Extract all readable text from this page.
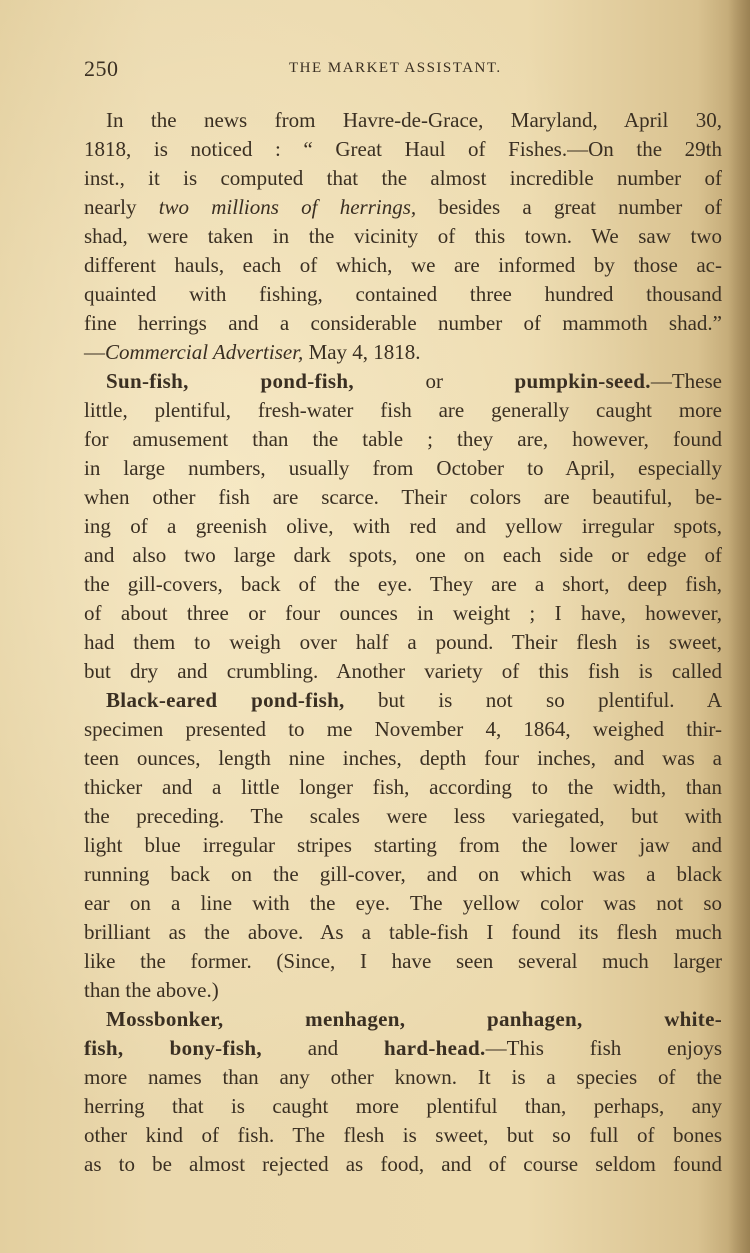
250	THE MARKET ASSISTANT.
In the news from Havre-de-Grace, Maryland, April 30,
1818, is noticed : “ Great Haul of Fishes.—On the 29th
inst., it is computed that the almost incredible number of
nearly two millions of herrings, besides a great number of
shad, were taken in the vicinity of this town. We saw two
different hauls, each of which, we are informed by those ac-
quainted with fishing, contained three hundred thousand
fine herrings and a considerable number of mammoth shad.”
—Commercial Advertiser, May 4, 1818.
Sun-fish, pond-fish, or pumpkin-seed.—These
little, plentiful, fresh-water fish are generally caught more
for amusement than the table ; they are, however, found
in large numbers, usually from October to April, especially
when other fish are scarce. Their colors are beautiful, be-
ing of a greenish olive, with red and yellow irregular spots,
and also two large dark spots, one on each side or edge of
the gill-covers, back of the eye. They are a short, deep fish,
of about three or four ounces in weight ; I have, however,
had them to weigh over half a pound. Their flesh is sweet,
but dry and crumbling. Another variety of this fish is called
Black-eared pond-fish, but is not so plentiful. A
specimen presented to me November 4, 1864, weighed thir-
teen ounces, length nine inches, depth four inches, and was a
thicker and a little longer fish, according to the width, than
the preceding. The scales were less variegated, but with
light blue irregular stripes starting from the lower jaw and
running back on the gill-cover, and on which was a black
ear on a line with the eye. The yellow color was not so
brilliant as the above. As a table-fish I found its flesh much
like the former. (Since, I have seen several much larger
than the above.)
Mossbonker, menhagen, panhagen, white-
fish, bony-fish, and hard-head.—This fish enjoys
more names than any other known. It is a species of the
herring that is caught more plentiful than, perhaps, any
other kind of fish. The flesh is sweet, but so full of bones
as to be almost rejected as food, and of course seldom found
